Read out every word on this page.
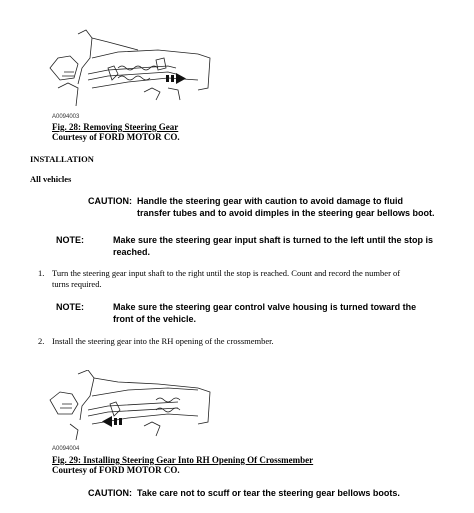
A0094003
Fig. 28: Removing Steering Gear
Courtesy of FORD MOTOR CO.
INSTALLATION
All vehicles
CAUTION: Handle the steering gear with caution to avoid damage to fluid
transfer tubes and to avoid dimples in the steering gear bellows boot.
NOTE:	Make sure the steering gear input shaft is turned to the left until the stop is
reached.
1. Turn the steering gear input shaft to the right until the stop is reached. Count and record the number of
turns required.
NOTE:	Make sure the steering gear control valve housing is turned toward the
front of the vehicle.
2. Install the steering gear into the RH opening of the crossmember.
A0094004
Fig. 29: Installing Steering Gear Into RH Opening Of Crossmember
Courtesy of FORD MOTOR CO.
CAUTION: Take care not to scuff or tear the steering gear bellows boots.
